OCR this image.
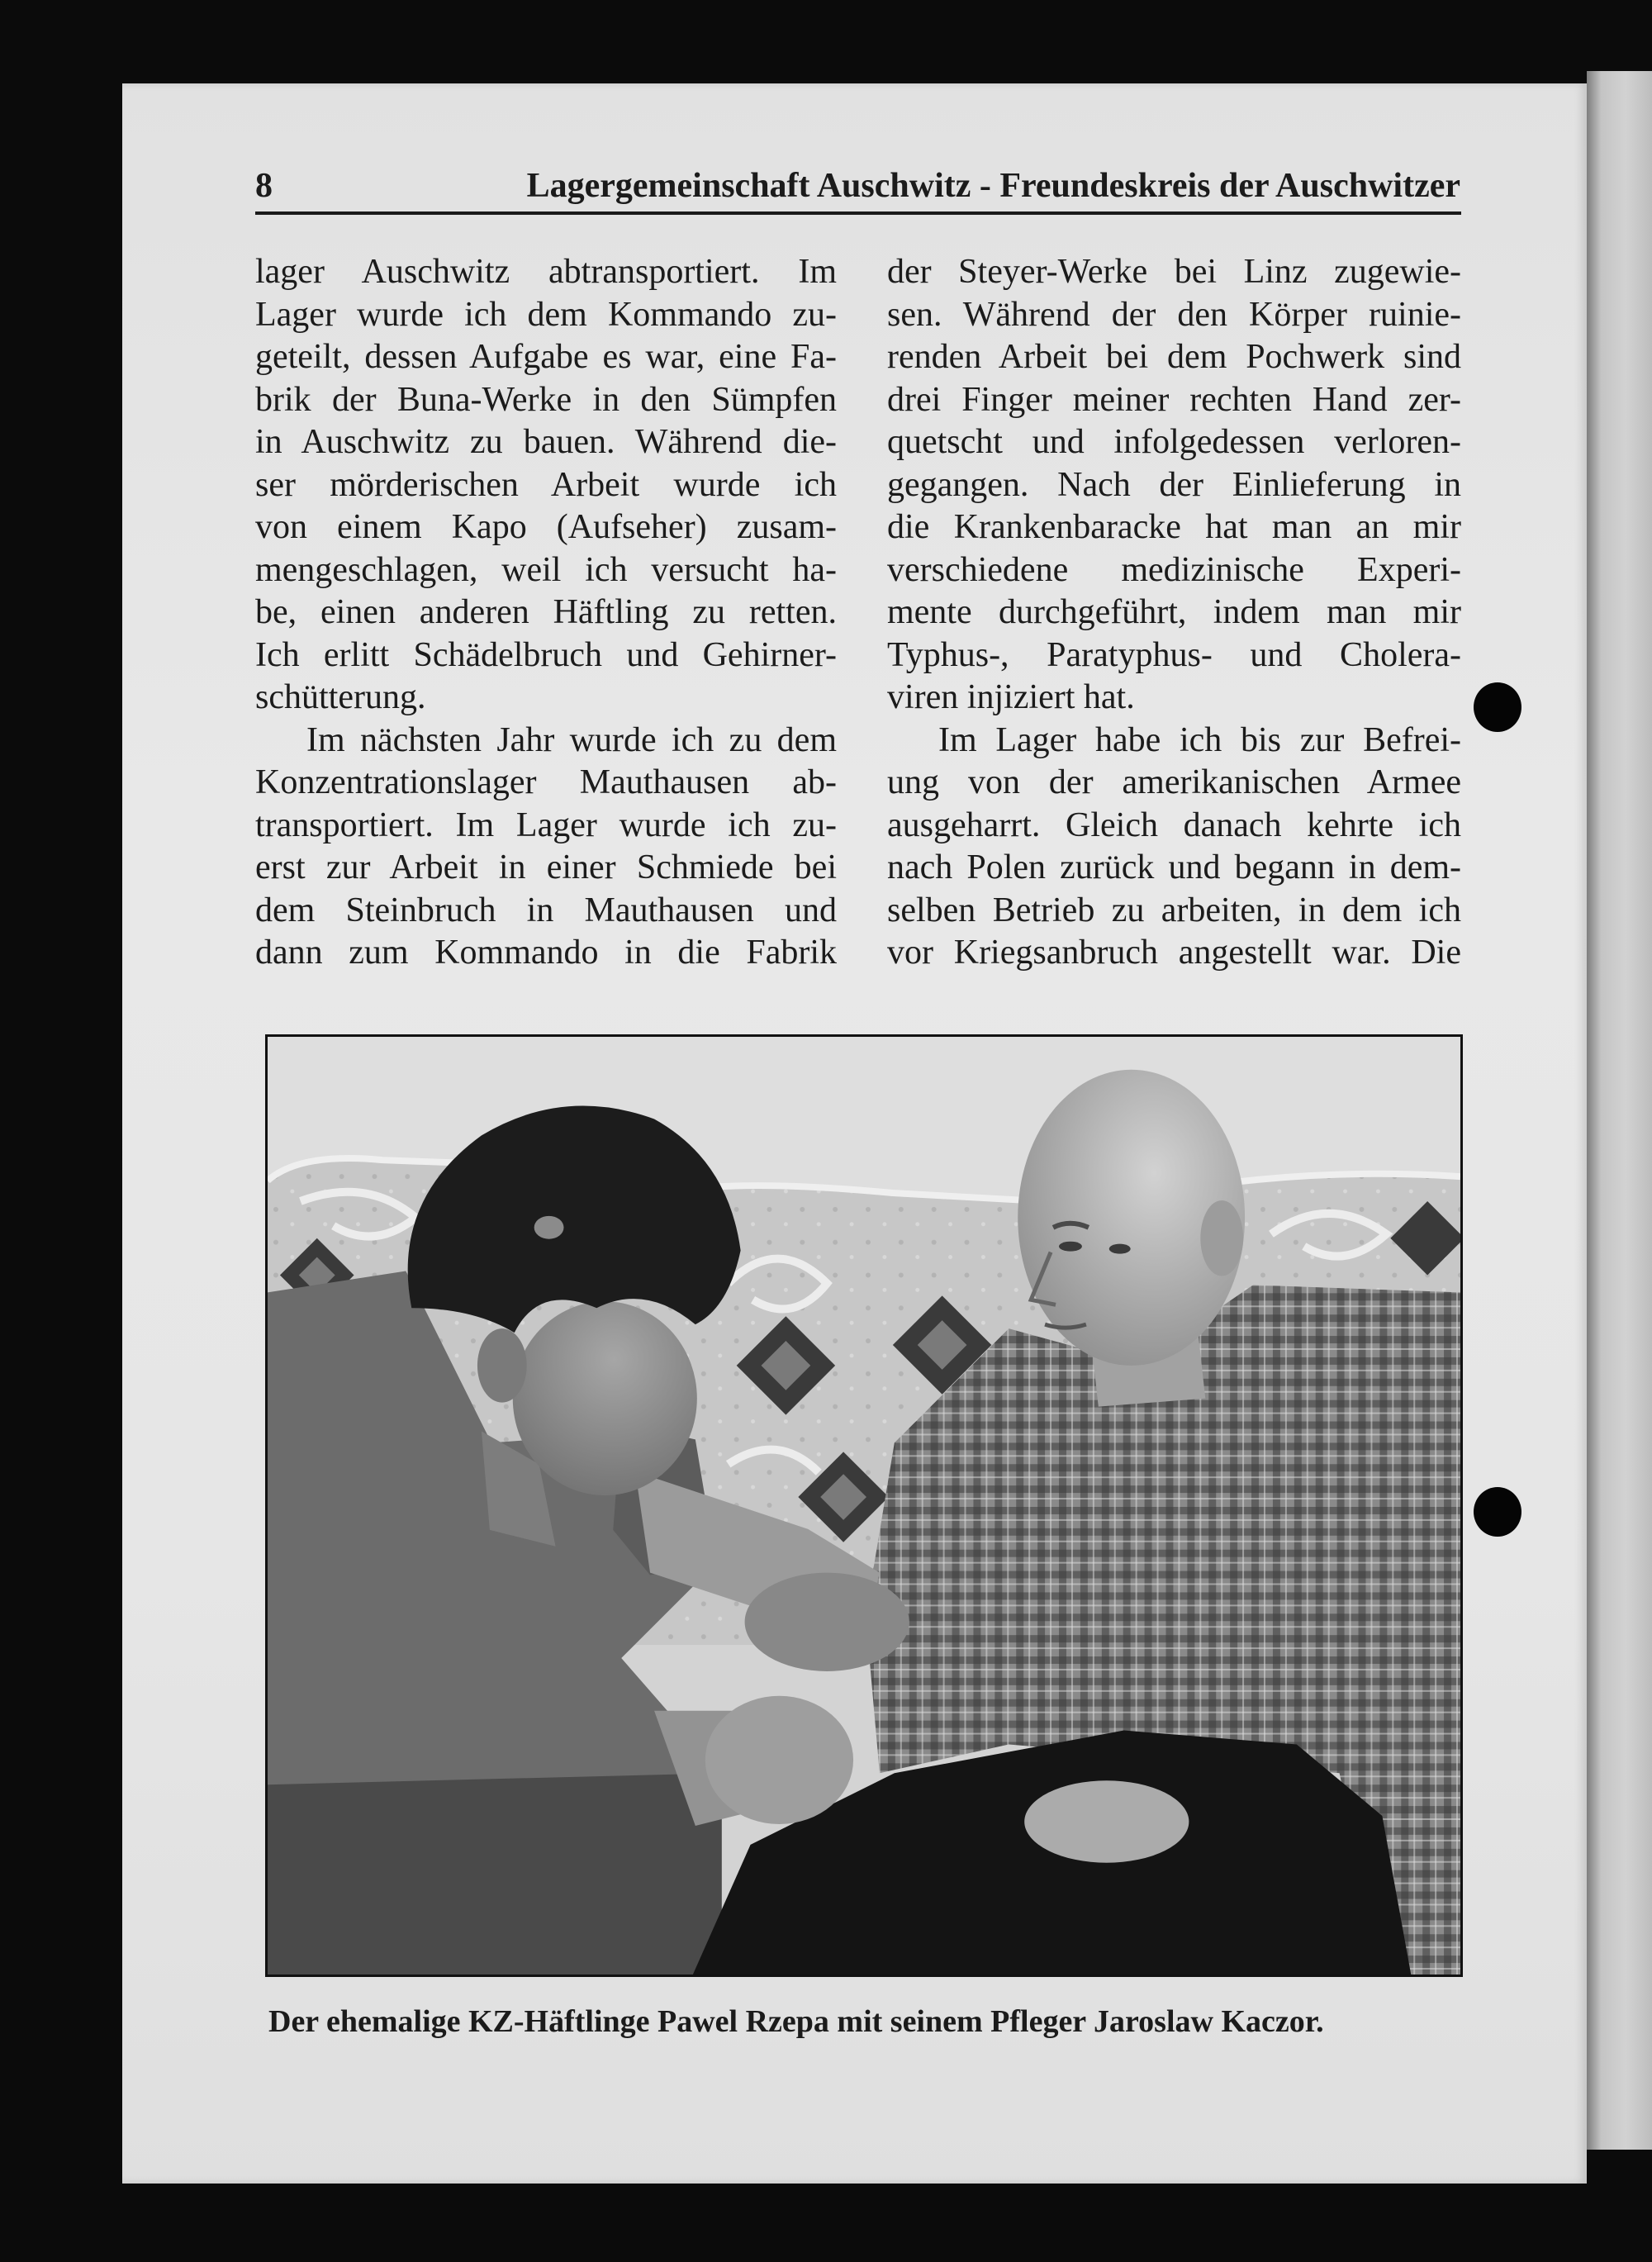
8	Lagergemeinschaft Auschwitz - Freundeskreis der Auschwitzer
lager Auschwitz abtransportiert. Im
Lager wurde ich dem Kommando zu-
geteilt, dessen Aufgabe es war, eine Fa-
brik der Buna-Werke in den Sümpfen
in Auschwitz zu bauen. Während die-
ser mörderischen Arbeit wurde ich
von einem Kapo (Aufseher) zusam-
mengeschlagen, weil ich versucht ha-
be, einen anderen Häftling zu retten.
Ich erlitt Schädelbruch und Gehirner-
schütterung.
Im nächsten Jahr wurde ich zu dem
Konzentrationslager Mauthausen ab-
transportiert. Im Lager wurde ich zu-
erst zur Arbeit in einer Schmiede bei
dem Steinbruch in Mauthausen und
dann zum Kommando in die Fabrik
der Steyer-Werke bei Linz zugewie-
sen. Während der den Körper ruinie-
renden Arbeit bei dem Pochwerk sind
drei Finger meiner rechten Hand zer-
quetscht und infolgedessen verloren-
gegangen. Nach der Einlieferung in
die Krankenbaracke hat man an mir
verschiedene medizinische Experi-
mente durchgeführt, indem man mir
Typhus-, Paratyphus- und Cholera-
viren injiziert hat.
Im Lager habe ich bis zur Befrei-
ung von der amerikanischen Armee
ausgeharrt. Gleich danach kehrte ich
nach Polen zurück und begann in dem-
selben Betrieb zu arbeiten, in dem ich
vor Kriegsanbruch angestellt war. Die
Der ehemalige KZ-Häftlinge Pawel Rzepa mit seinem Pfleger Jaroslaw Kaczor.
